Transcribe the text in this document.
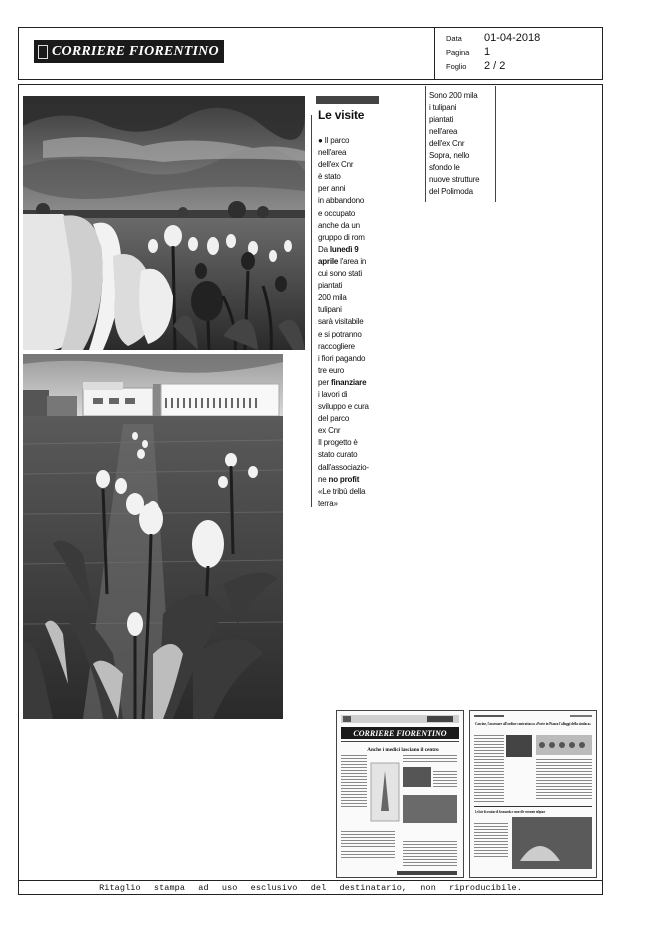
CORRIERE FIORENTINO
Data	01-04-2018
Pagina	1
Foglio	2 / 2
Le visite
● Il parco
nell'area
dell'ex Cnr
è stato
per anni
in abbandono
e occupato
anche da un
gruppo di rom
Da lunedì 9
aprile l'area in
cui sono stati
piantati
200 mila
tulipani
sarà visitabile
e si potranno
raccogliere
i fiori pagando
tre euro
per finanziare
i lavori di
sviluppo e cura
del parco
ex Cnr
Il progetto è
stato curato
dall'associazio-
ne no profit
«Le tribù della
terra»
Sono 200 mila
i tulipani
piantati
nell'area
dell'ex Cnr
Sopra, nello
sfondo le
nuove strutture
del Polimoda
CORRIERE FIORENTINO
Anche i medici lasciano il centro
Cascine, l'assessore all'ordine contrattacca «Porte in Piazza l'alloggi della sindaca»
Le liste di sessione di Savonarola e come elle vermente tulipane
Ritaglio stampa ad uso esclusivo del destinatario, non riproducibile.
